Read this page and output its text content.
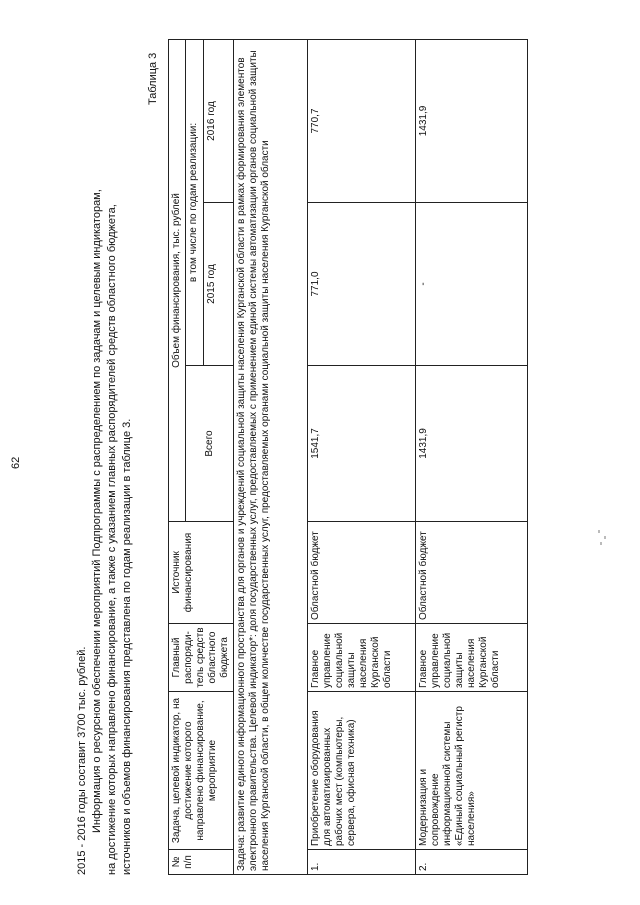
62
2015 - 2016 годы составит 3700 тыс. рублей. Информация о ресурсном обеспечении мероприятий Подпрограммы с распределением по задачам и целевым индикаторам, на достижение которых направлено финансирование, а также с указанием главных распорядителей средств областного бюджета, источников и объемов финансирования представлена по годам реализации в таблице 3.
Таблица 3
№ п/п	Задача, целевой индикатор, на достижение которого направлено финансирование, мероприятие	Главный распоряди-тель средств областного бюджета	Источник финансирования	Объем финансирования, тыс. рублей		
				Всего	в том числе по годам реализации:	
					2015 год	2016 год
Задача: развитие единого информационного пространства для органов и учреждений социальной защиты населения Курганской области в рамках формирования элементов электронного правительства. Целевой индикатор*: доля государственных услуг, предоставляемых с применением единой системы автоматизации органов социальной защиты населения Курганской области, в общем количестве государственных услуг, предоставляемых органами социальной защиты населения Курганской области						
1.	Приобретение оборудования для автоматизированных рабочих мест (компьютеры, сервера, офисная техника)	Главное управление социальной защиты населения Курганской области	Областной бюджет	1541,7	771,0	770,7
2.	Модернизация и сопровождение информационной системы «Единый социальный регистр населения»	Главное управление социальной защиты населения Курганской области	Областной бюджет	1431,9	-	1431,9
